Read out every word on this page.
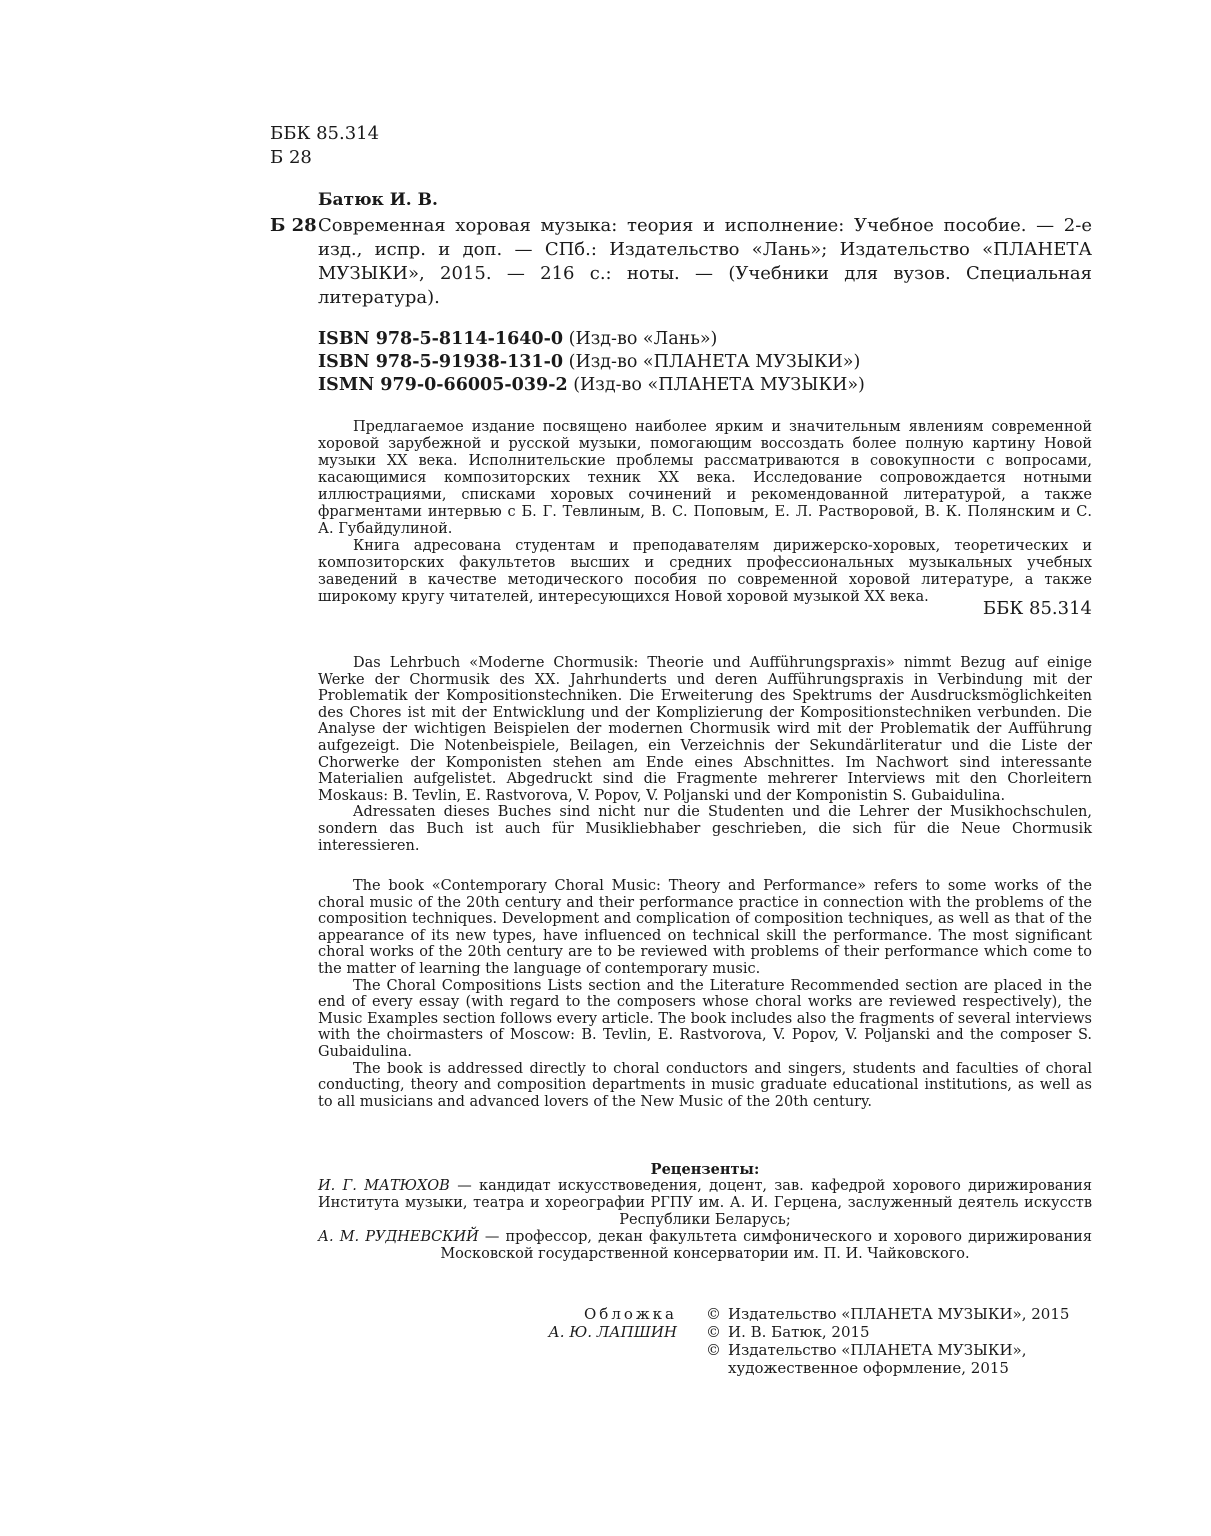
ББК 85.314
Б 28
Батюк И. В.
Б 28 Современная хоровая музыка: теория и исполнение: Учебное пособие. — 2-е изд., испр. и доп. — СПб.: Издательство «Лань»; Издательство «ПЛАНЕТА МУЗЫКИ», 2015. — 216 с.: ноты. — (Учебники для вузов. Специальная литература).
ISBN 978-5-8114-1640-0 (Изд-во «Лань»)
ISBN 978-5-91938-131-0 (Изд-во «ПЛАНЕТА МУЗЫКИ»)
ISMN 979-0-66005-039-2 (Изд-во «ПЛАНЕТА МУЗЫКИ»)

Предлагаемое издание посвящено наиболее ярким и значительным явлениям современной хоровой зарубежной и русской музыки, помогающим воссоздать более полную картину Новой музыки ХХ века. Исполнительские проблемы рассматриваются в совокупности с вопросами, касающимися композиторских техник ХХ века. Исследование сопровождается нотными иллюстрациями, списками хоровых сочинений и рекомендованной литературой, а также фрагментами интервью с Б. Г. Тевлиным, В. С. Поповым, Е. Л. Растворовой, В. К. Полянским и С. А. Губайдулиной.

Книга адресована студентам и преподавателям дирижерско-хоровых, теоретических и композиторских факультетов высших и средних профессиональных музыкальных учебных заведений в качестве методического пособия по современной хоровой литературе, а также широкому кругу читателей, интересующихся Новой хоровой музыкой ХХ века.

ББК 85.314

Das Lehrbuch «Moderne Chormusik: Theorie und Aufführungspraxis» nimmt Bezug auf einige Werke der Chormusik des XX. Jahrhunderts und deren Aufführungspraxis in Verbindung mit der Problematik der Kompositionstechniken. Die Erweiterung des Spektrums der Ausdrucksmöglichkeiten des Chores ist mit der Entwicklung und der Komplizierung der Kompositionstechniken verbunden. Die Analyse der wichtigen Beispielen der modernen Chormusik wird mit der Problematik der Aufführung aufgezeigt. Die Notenbeispiele, Beilagen, ein Verzeichnis der Sekundärliteratur und die Liste der Chorwerke der Komponisten stehen am Ende eines Abschnittes. Im Nachwort sind interessante Materialien aufgelistet. Abgedruckt sind die Fragmente mehrerer Interviews mit den Chorleitern Moskaus: B. Tevlin, E. Rastvorova, V. Popov, V. Poljanski und der Komponistin S. Gubaidulina.

Adressaten dieses Buches sind nicht nur die Studenten und die Lehrer der Musikhochschulen, sondern das Buch ist auch für Musikliebhaber geschrieben, die sich für die Neue Chormusik interessieren.

The book «Contemporary Choral Music: Theory and Performance» refers to some works of the choral music of the 20th century and their performance practice in connection with the problems of the composition techniques. Development and complication of composition techniques, as well as that of the appearance of its new types, have influenced on technical skill the performance. The most significant choral works of the 20th century are to be reviewed with problems of their performance which come to the matter of learning the language of contemporary music.

The Choral Compositions Lists section and the Literature Recommended section are placed in the end of every essay (with regard to the composers whose choral works are reviewed respectively), the Music Examples section follows every article. The book includes also the fragments of several interviews with the choirmasters of Moscow: B. Tevlin, E. Rastvorova, V. Popov, V. Poljanski and the composer S. Gubaidulina.

The book is addressed directly to choral conductors and singers, students and faculties of choral conducting, theory and composition departments in music graduate educational institutions, as well as to all musicians and advanced lovers of the New Music of the 20th century.

Рецензенты:
И. Г. МАТЮХОВ — кандидат искусствоведения, доцент, зав. кафедрой хорового дирижирования
Института музыки, театра и хореографии РГПУ им. А. И. Герцена, заслуженный деятель искусств
Республики Беларусь;
А. М. РУДНЕВСКИЙ — профессор, декан факультета симфонического и хорового дирижирования
Московской государственной консерватории им. П. И. Чайковского.
Обложка
А. Ю. ЛАПШИН
© Издательство «ПЛАНЕТА МУЗЫКИ», 2015
© И. В. Батюк, 2015
© Издательство «ПЛАНЕТА МУЗЫКИ»,
художественное оформление, 2015
